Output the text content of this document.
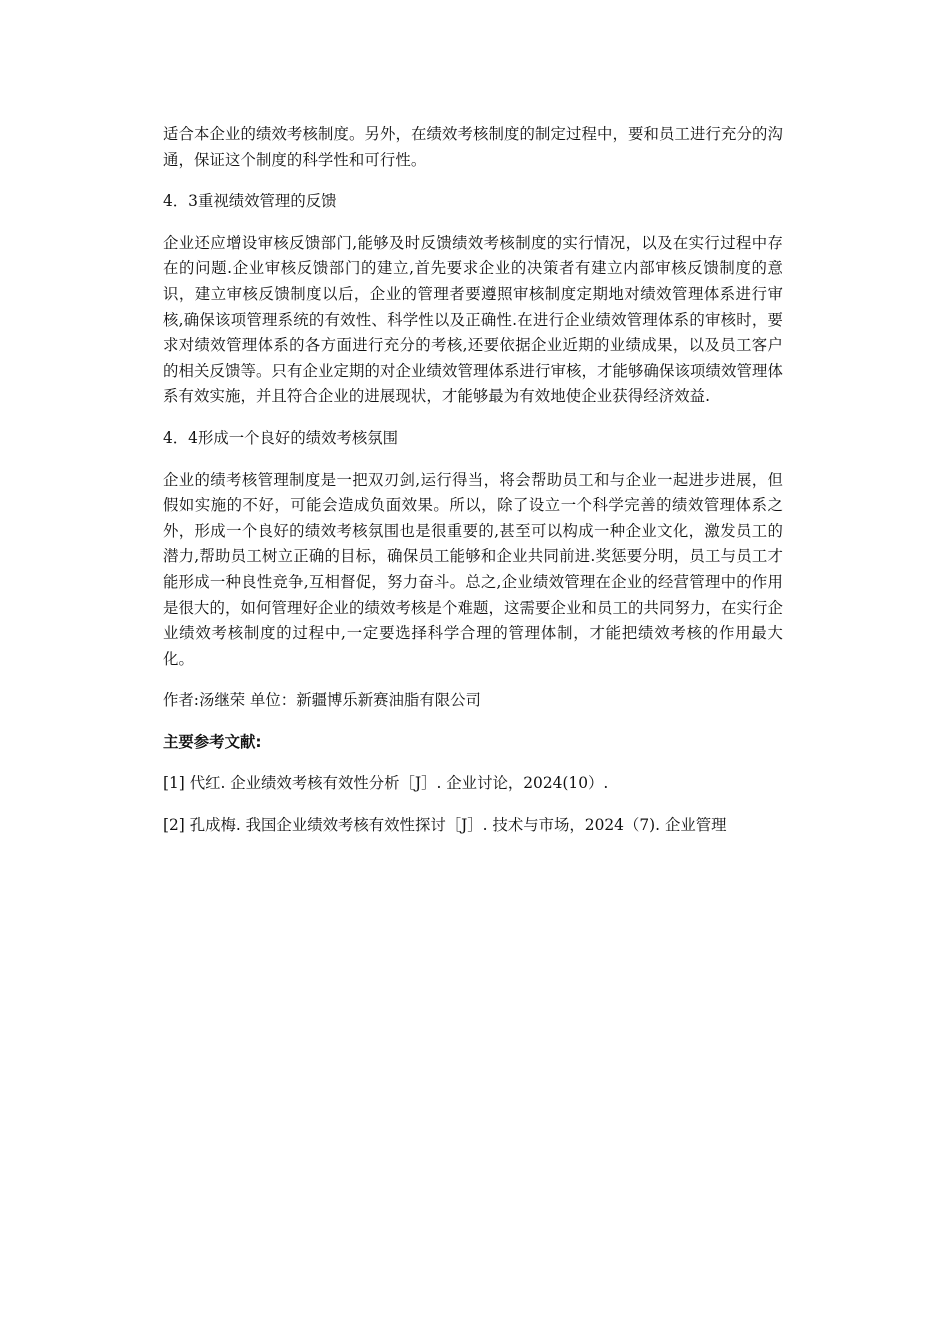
适合本企业的绩效考核制度。另外，在绩效考核制度的制定过程中，要和员工进行充分的沟通，保证这个制度的科学性和可行性。

4．3重视绩效管理的反馈

企业还应增设审核反馈部门,能够及时反馈绩效考核制度的实行情况，以及在实行过程中存在的问题.企业审核反馈部门的建立,首先要求企业的决策者有建立内部审核反馈制度的意识，建立审核反馈制度以后，企业的管理者要遵照审核制度定期地对绩效管理体系进行审核,确保该项管理系统的有效性、科学性以及正确性.在进行企业绩效管理体系的审核时，要求对绩效管理体系的各方面进行充分的考核,还要依据企业近期的业绩成果，以及员工客户的相关反馈等。只有企业定期的对企业绩效管理体系进行审核，才能够确保该项绩效管理体系有效实施，并且符合企业的进展现状，才能够最为有效地使企业获得经济效益.

4．4形成一个良好的绩效考核氛围

企业的绩考核管理制度是一把双刃剑,运行得当，将会帮助员工和与企业一起进步进展，但假如实施的不好，可能会造成负面效果。所以，除了设立一个科学完善的绩效管理体系之外，形成一个良好的绩效考核氛围也是很重要的,甚至可以构成一种企业文化，激发员工的潜力,帮助员工树立正确的目标，确保员工能够和企业共同前进.奖惩要分明，员工与员工才能形成一种良性竞争,互相督促，努力奋斗。总之,企业绩效管理在企业的经营管理中的作用是很大的，如何管理好企业的绩效考核是个难题，这需要企业和员工的共同努力，在实行企业绩效考核制度的过程中,一定要选择科学合理的管理体制，才能把绩效考核的作用最大化。

作者:汤继荣 单位：新疆博乐新赛油脂有限公司

主要参考文献:

[1] 代红. 企业绩效考核有效性分析［J］. 企业讨论，2024(10）.

[2] 孔成梅. 我国企业绩效考核有效性探讨［J］. 技术与市场，2024（7). 企业管理
